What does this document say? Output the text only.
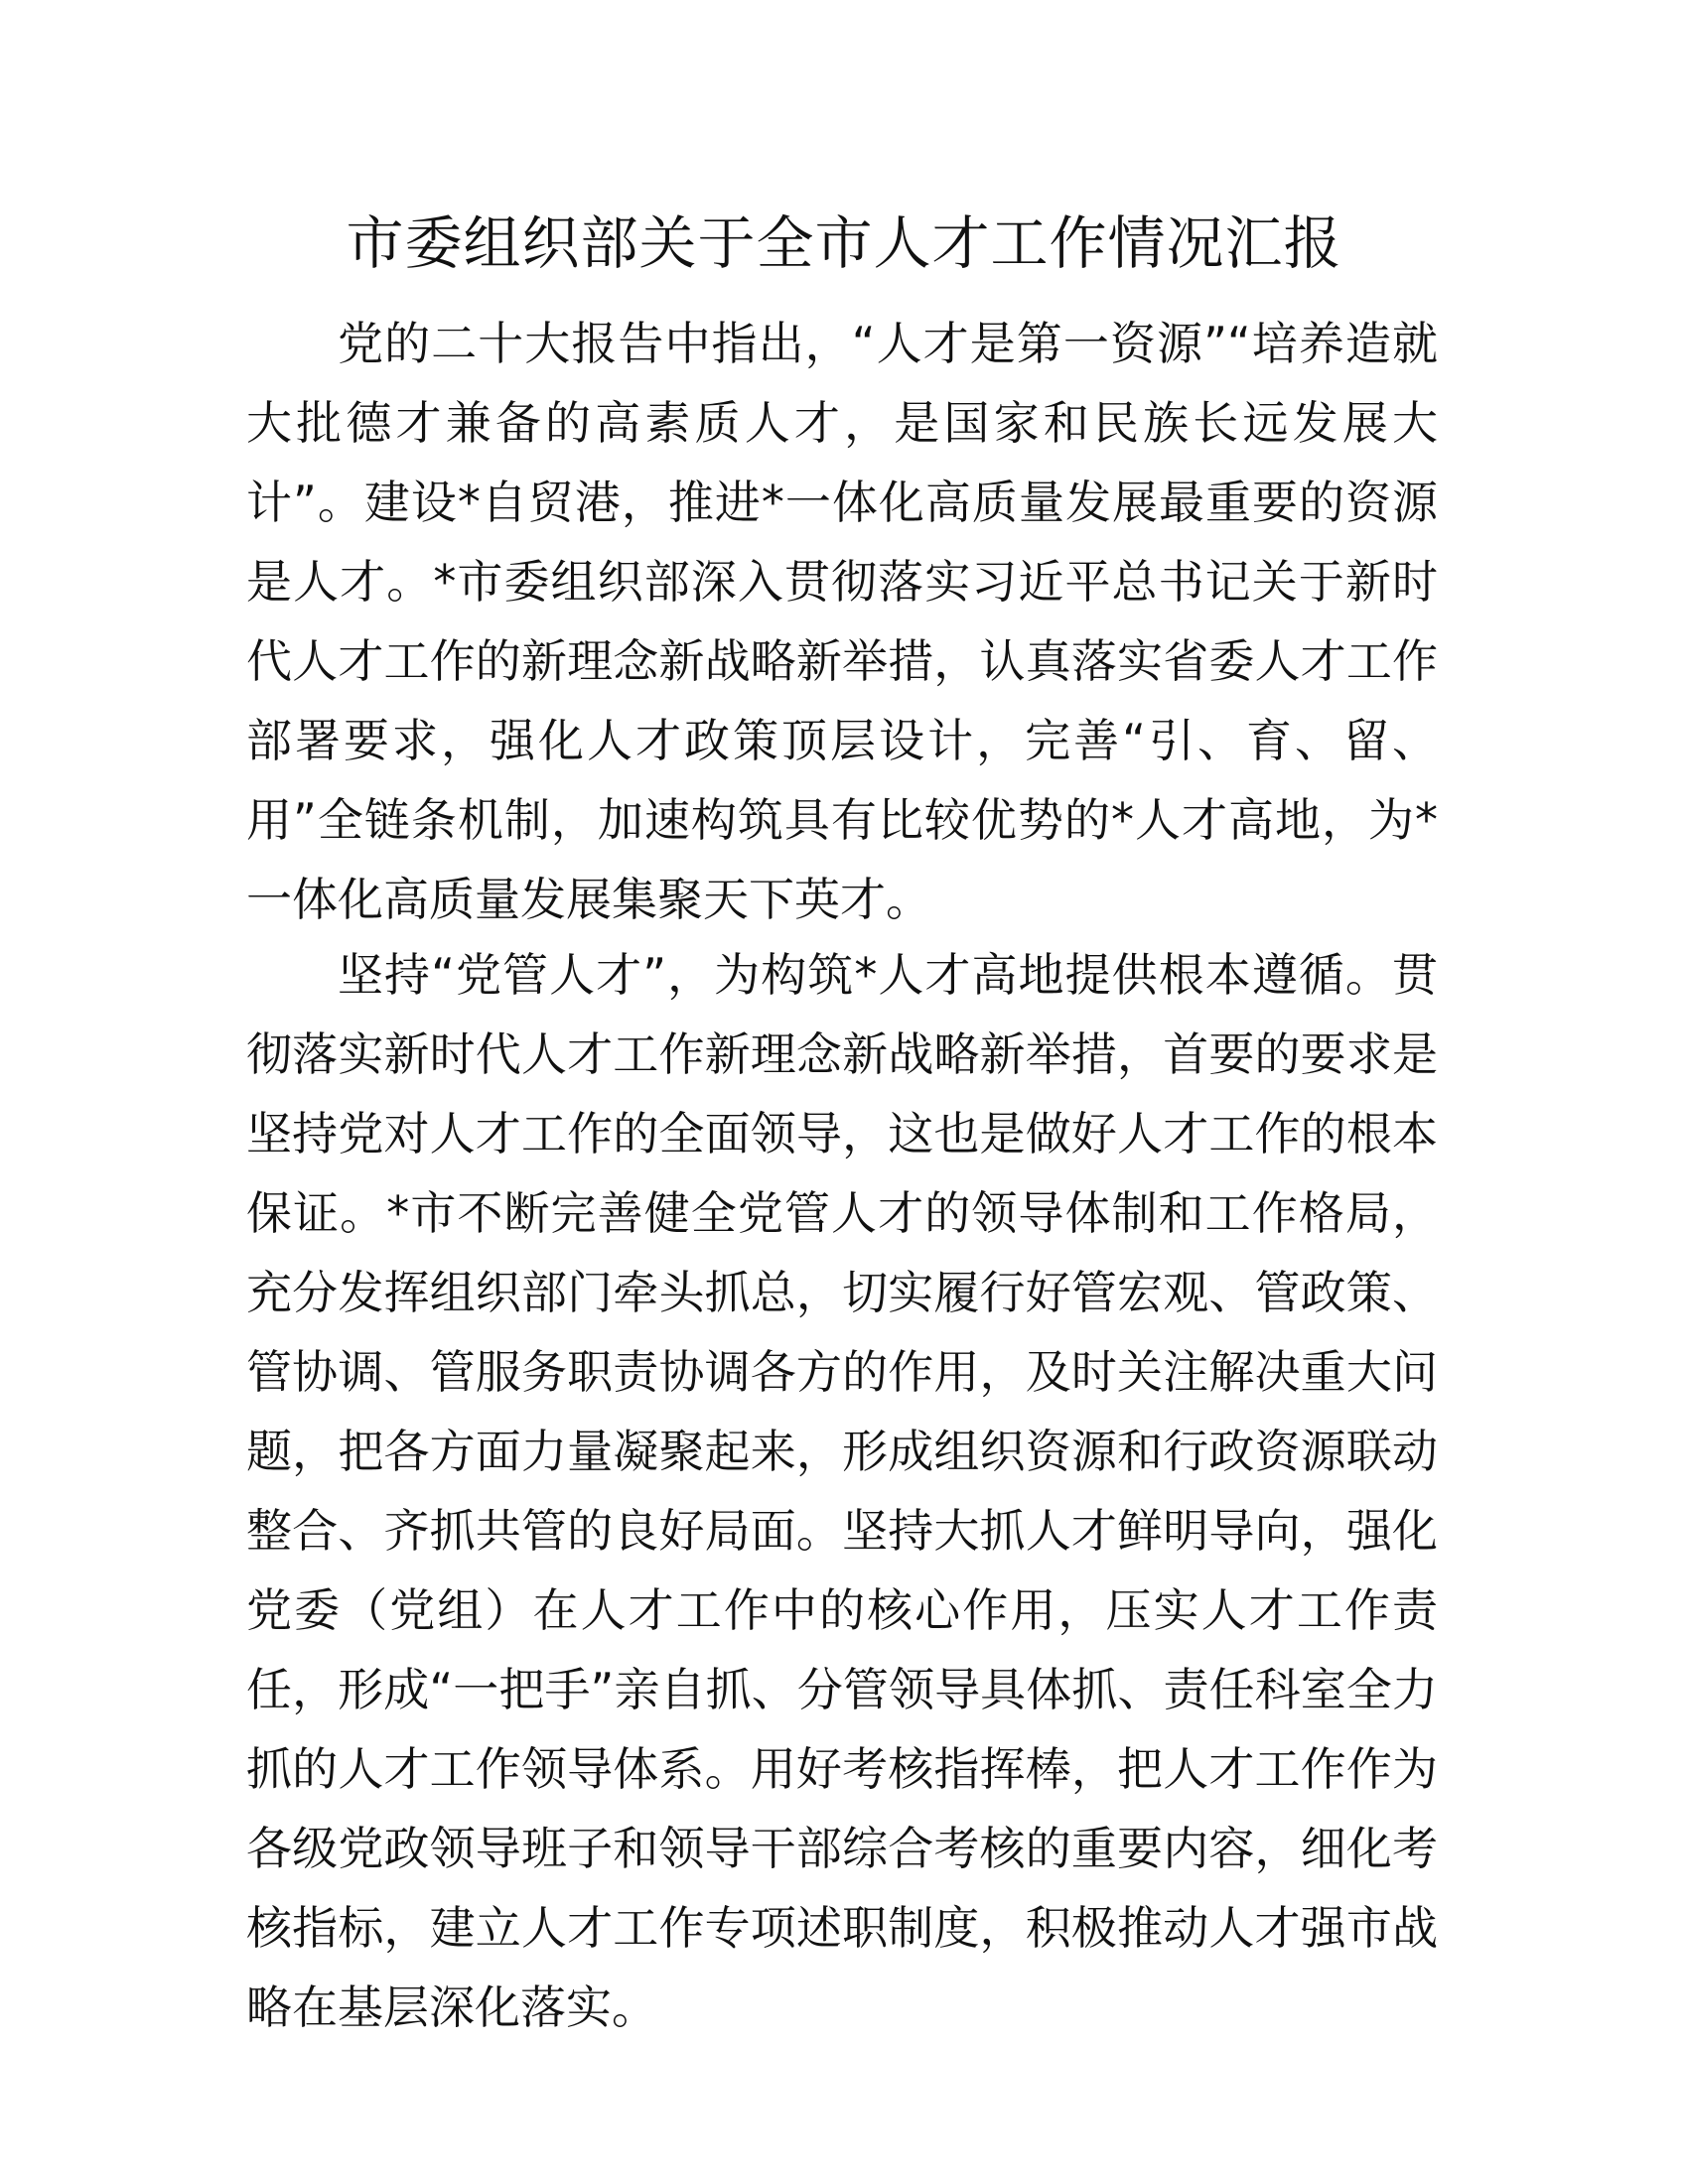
市委组织部关于全市人才工作情况汇报

党的二十大报告中指出，“人才是第一资源”“培养造就大批德才兼备的高素质人才，是国家和民族长远发展大计”。建设*自贸港，推进*一体化高质量发展最重要的资源是人才。*市委组织部深入贯彻落实习近平总书记关于新时代人才工作的新理念新战略新举措，认真落实省委人才工作部署要求，强化人才政策顶层设计，完善“引、育、留、用”全链条机制，加速构筑具有比较优势的*人才高地，为*一体化高质量发展集聚天下英才。

坚持“党管人才”，为构筑*人才高地提供根本遵循。贯彻落实新时代人才工作新理念新战略新举措，首要的要求是坚持党对人才工作的全面领导，这也是做好人才工作的根本保证。*市不断完善健全党管人才的领导体制和工作格局，充分发挥组织部门牵头抓总，切实履行好管宏观、管政策、管协调、管服务职责协调各方的作用，及时关注解决重大问题，把各方面力量凝聚起来，形成组织资源和行政资源联动整合、齐抓共管的良好局面。坚持大抓人才鲜明导向，强化党委（党组）在人才工作中的核心作用，压实人才工作责任，形成“一把手”亲自抓、分管领导具体抓、责任科室全力抓的人才工作领导体系。用好考核指挥棒，把人才工作作为各级党政领导班子和领导干部综合考核的重要内容，细化考核指标，建立人才工作专项述职制度，积极推动人才强市战略在基层深化落实。
